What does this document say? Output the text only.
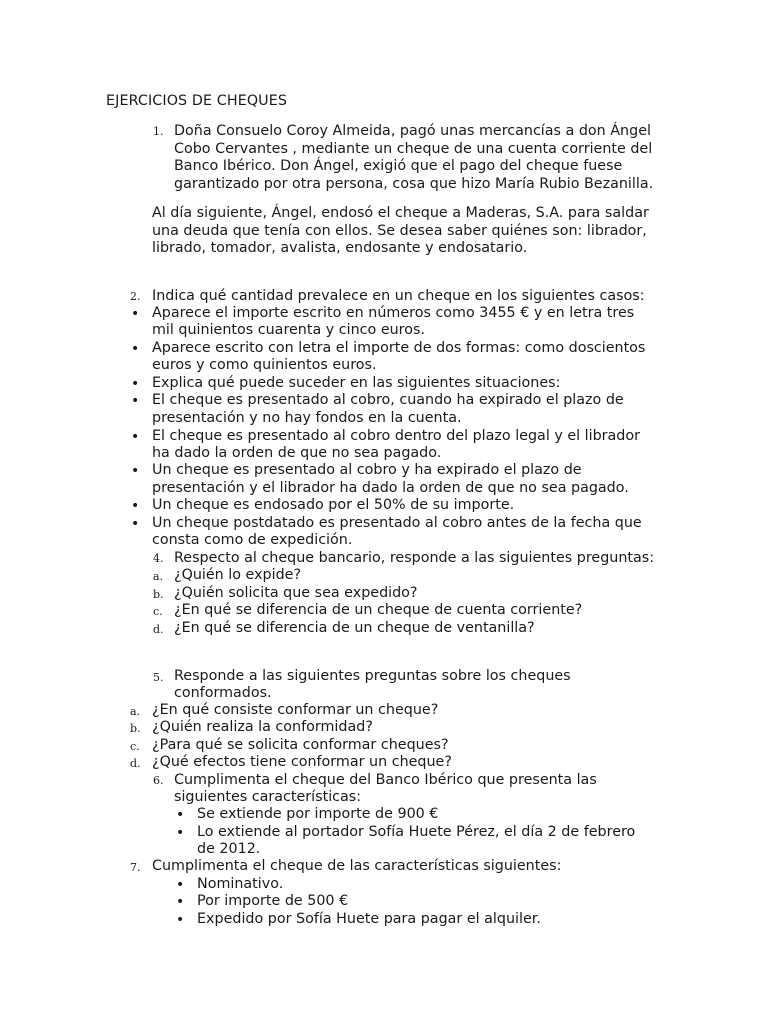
EJERCICIOS DE CHEQUES
1. Doña Consuelo Coroy Almeida, pagó unas mercancías a don Ángel
Cobo Cervantes , mediante un cheque de una cuenta corriente del
Banco Ibérico. Don Ángel, exigió que el pago del cheque fuese
garantizado por otra persona, cosa que hizo María Rubio Bezanilla.
Al día siguiente, Ángel, endosó el cheque a Maderas, S.A. para saldar
una deuda que tenía con ellos. Se desea saber quiénes son: librador,
librado, tomador, avalista, endosante y endosatario.
2. Indica qué cantidad prevalece en un cheque en los siguientes casos:
• Aparece el importe escrito en números como 3455 € y en letra tres
mil quinientos cuarenta y cinco euros.
• Aparece escrito con letra el importe de dos formas: como doscientos
euros y como quinientos euros.
• Explica qué puede suceder en las siguientes situaciones:
• El cheque es presentado al cobro, cuando ha expirado el plazo de
presentación y no hay fondos en la cuenta.
• El cheque es presentado al cobro dentro del plazo legal y el librador
ha dado la orden de que no sea pagado.
• Un cheque es presentado al cobro y ha expirado el plazo de
presentación y el librador ha dado la orden de que no sea pagado.
• Un cheque es endosado por el 50% de su importe.
• Un cheque postdatado es presentado al cobro antes de la fecha que
consta como de expedición.
4. Respecto al cheque bancario, responde a las siguientes preguntas:
a. ¿Quién lo expide?
b. ¿Quién solicita que sea expedido?
c. ¿En qué se diferencia de un cheque de cuenta corriente?
d. ¿En qué se diferencia de un cheque de ventanilla?
5. Responde a las siguientes preguntas sobre los cheques
conformados.
a. ¿En qué consiste conformar un cheque?
b. ¿Quién realiza la conformidad?
c. ¿Para qué se solicita conformar cheques?
d. ¿Qué efectos tiene conformar un cheque?
6. Cumplimenta el cheque del Banco Ibérico que presenta las
siguientes características:
• Se extiende por importe de 900 €
• Lo extiende al portador Sofía Huete Pérez, el día 2 de febrero
de 2012.
7. Cumplimenta el cheque de las características siguientes:
• Nominativo.
• Por importe de 500 €
• Expedido por Sofía Huete para pagar el alquiler.
